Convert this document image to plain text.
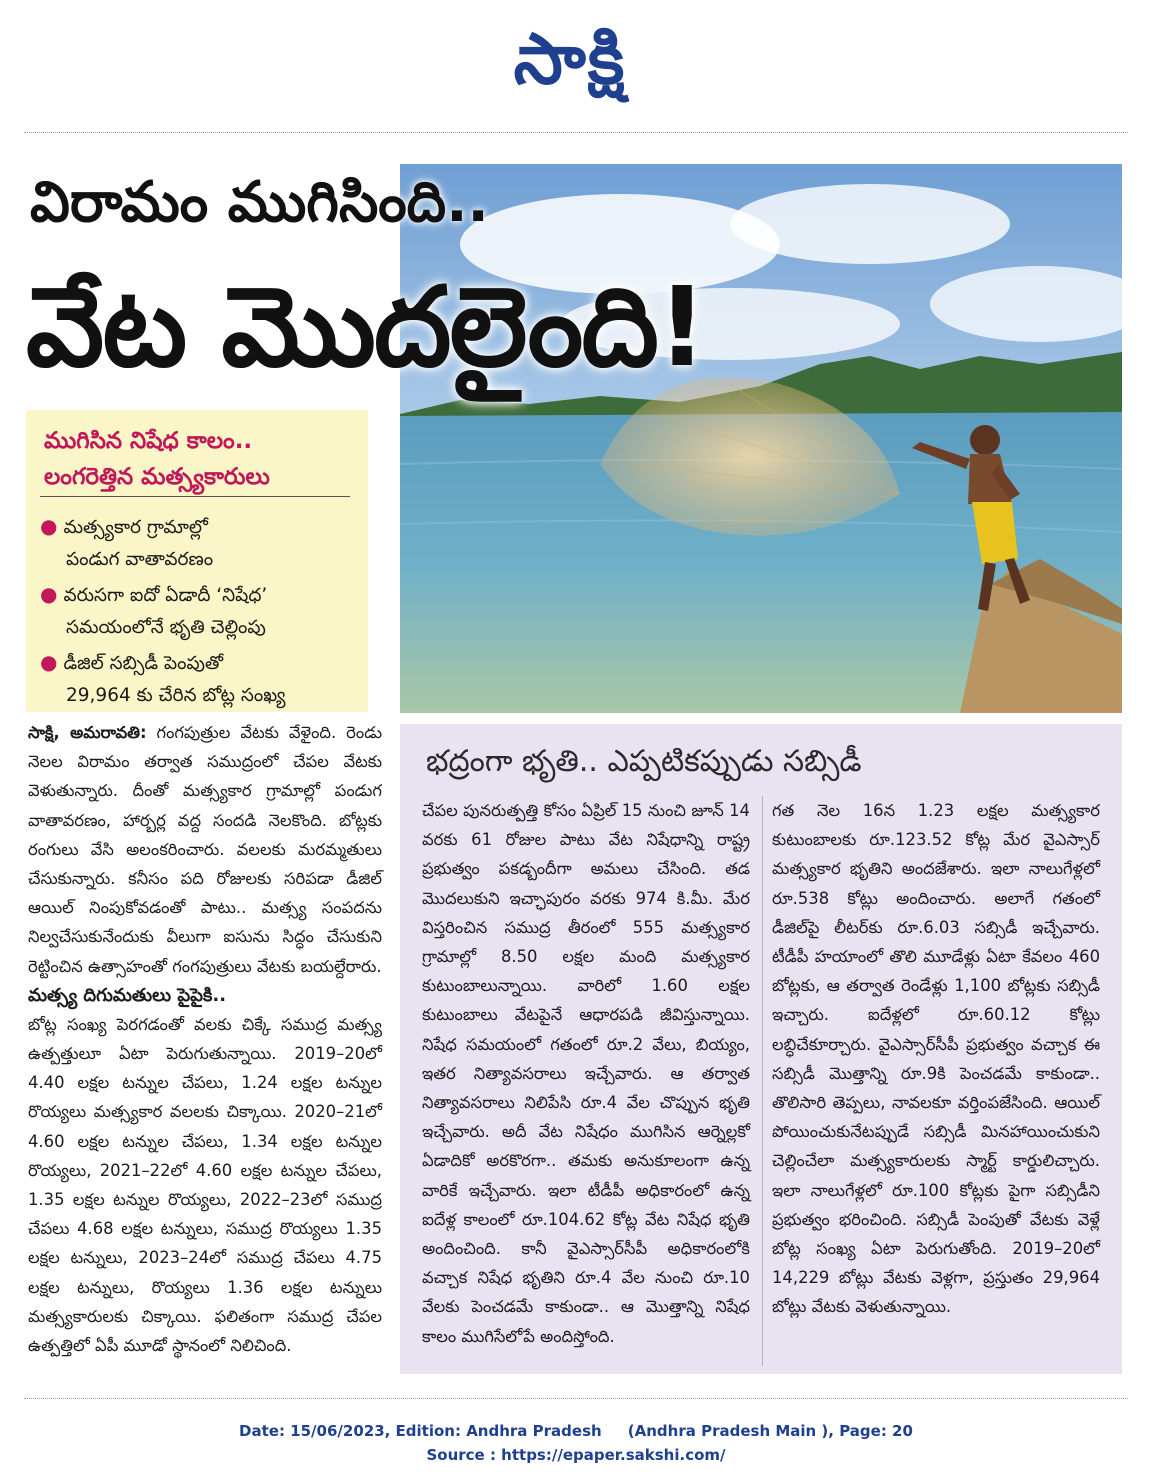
సాక్షి
విరామం ముగిసింది..
వేట మొదలైంది!
ముగిసిన నిషేధ కాలం..
లంగరెత్తిన మత్స్యకారులు
● మత్స్యకార గ్రామాల్లో
పండుగ వాతావరణం
● వరుసగా ఐదో ఏడాదీ ‘నిషేధ’
సమయంలోనే భృతి చెల్లింపు
● డీజిల్ సబ్సిడీ పెంపుతో
29,964 కు చేరిన బోట్ల సంఖ్య

సాక్షి, అమరావతి: గంగపుత్రుల వేటకు వేళైంది. రెండు నెలల విరామం తర్వాత సముద్రంలో చేపల వేటకు వెళుతున్నారు. దీంతో మత్స్యకార గ్రామాల్లో పండుగ వాతావరణం, హార్బర్ల వద్ద సందడి నెలకొంది. బోట్లకు రంగులు వేసి అలంకరించారు. వలలకు మరమ్మతులు చేసుకున్నారు. కనీసం పది రోజులకు సరిపడా డీజిల్ ఆయిల్ నింపుకోవడంతో పాటు.. మత్స్య సంపదను నిల్వచేసుకునేందుకు వీలుగా ఐసును సిద్ధం చేసుకుని రెట్టించిన ఉత్సాహంతో గంగపుత్రులు వేటకు బయల్దేరారు.

మత్స్య దిగుమతులు పైపైకి..

బోట్ల సంఖ్య పెరగడంతో వలకు చిక్కే సముద్ర మత్స్య ఉత్పత్తులూ ఏటా పెరుగుతున్నాయి. 2019–20లో 4.40 లక్షల టన్నుల చేపలు, 1.24 లక్షల టన్నుల రొయ్యలు మత్స్యకార వలలకు చిక్కాయి. 2020–21లో 4.60 లక్షల టన్నుల చేపలు, 1.34 లక్షల టన్నుల రొయ్యలు, 2021–22లో 4.60 లక్షల టన్నుల చేపలు, 1.35 లక్షల టన్నుల రొయ్యలు, 2022–23లో సముద్ర చేపలు 4.68 లక్షల టన్నులు, సముద్ర రొయ్యలు 1.35 లక్షల టన్నులు, 2023–24లో సముద్ర చేపలు 4.75 లక్షల టన్నులు, రొయ్యలు 1.36 లక్షల టన్నులు మత్స్యకారులకు చిక్కాయి. ఫలితంగా సముద్ర చేపల ఉత్పత్తిలో ఏపీ మూడో స్థానంలో నిలిచింది.

భద్రంగా భృతి.. ఎప్పటికప్పుడు సబ్సిడీ
చేపల పునరుత్పత్తి కోసం ఏప్రిల్ 15 నుంచి జూన్ 14 వరకు 61 రోజుల పాటు వేట నిషేధాన్ని రాష్ట్ర ప్రభుత్వం పకడ్బందీగా అమలు చేసింది. తడ మొదలుకుని ఇచ్ఛాపురం వరకు 974 కి.మీ. మేర విస్తరించిన సముద్ర తీరంలో 555 మత్స్యకార గ్రామాల్లో 8.50 లక్షల మంది మత్స్యకార కుటుంబాలున్నాయి. వారిలో 1.60 లక్షల కుటుంబాలు వేటపైనే ఆధారపడి జీవిస్తున్నాయి. నిషేధ సమయంలో గతంలో రూ.2 వేలు, బియ్యం, ఇతర నిత్యావసరాలు ఇచ్చేవారు. ఆ తర్వాత నిత్యావసరాలు నిలిపేసి రూ.4 వేల చొప్పున భృతి ఇచ్చేవారు. అదీ వేట నిషేధం ముగిసిన ఆర్నెల్లకో ఏడాదికో అరకొరగా.. తమకు అనుకూలంగా ఉన్న వారికే ఇచ్చేవారు. ఇలా టీడీపీ అధికారంలో ఉన్న ఐదేళ్ల కాలంలో రూ.104.62 కోట్ల వేట నిషేధ భృతి అందించింది. కానీ వైఎస్సార్‌సీపీ అధికారంలోకి వచ్చాక నిషేధ భృతిని రూ.4 వేల నుంచి రూ.10 వేలకు పెంచడమే కాకుండా.. ఆ మొత్తాన్ని నిషేధ కాలం ముగిసేలోపే అందిస్తోంది.
గత నెల 16న 1.23 లక్షల మత్స్యకార కుటుంబాలకు రూ.123.52 కోట్ల మేర వైఎస్సార్ మత్స్యకార భృతిని అందజేశారు. ఇలా నాలుగేళ్లలో రూ.538 కోట్లు అందించారు. అలాగే గతంలో డీజిల్‌పై లీటర్‌కు రూ.6.03 సబ్సిడీ ఇచ్చేవారు. టీడీపీ హయాంలో తొలి మూడేళ్లు ఏటా కేవలం 460 బోట్లకు, ఆ తర్వాత రెండేళ్లు 1,100 బోట్లకు సబ్సిడీ ఇచ్చారు. ఐదేళ్లలో రూ.60.12 కోట్లు లబ్ధిచేకూర్చారు. వైఎస్సార్‌సీపీ ప్రభుత్వం వచ్చాక ఈ సబ్సిడీ మొత్తాన్ని రూ.9కి పెంచడమే కాకుండా.. తొలిసారి తెప్పలు, నావలకూ వర్తింపజేసింది. ఆయిల్ పోయించుకునేటప్పుడే సబ్సిడీ మినహాయించుకుని చెల్లించేలా మత్స్యకారులకు స్మార్ట్ కార్డులిచ్చారు. ఇలా నాలుగేళ్లలో రూ.100 కోట్లకు పైగా సబ్సిడీని ప్రభుత్వం భరించింది. సబ్సిడీ పెంపుతో వేటకు వెళ్లే బోట్ల సంఖ్య ఏటా పెరుగుతోంది. 2019–20లో 14,229 బోట్లు వేటకు వెళ్లగా, ప్రస్తుతం 29,964 బోట్లు వేటకు వెళుతున్నాయి.
Date: 15/06/2023, Edition: Andhra Pradesh     (Andhra Pradesh Main ), Page: 20
Source : https://epaper.sakshi.com/
